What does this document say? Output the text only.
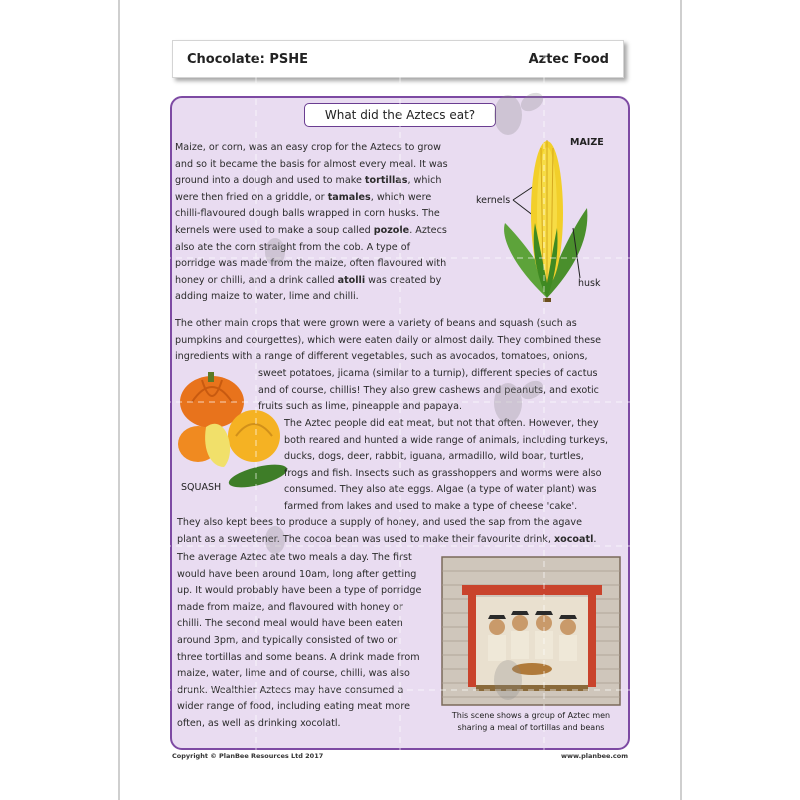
Chocolate: PSHE	Aztec Food
What did the Aztecs eat?
Maize, or corn, was an easy crop for the Aztecs to grow
and so it became the basis for almost every meal. It was
ground into a dough and used to make tortillas, which
were then fried on a griddle, or tamales, which were
chilli-flavoured dough balls wrapped in corn husks. The
kernels were used to make a soup called pozole. Aztecs
also ate the corn straight from the cob. A type of
porridge was made from the maize, often flavoured with
honey or chilli, and a drink called atolli was created by
adding maize to water, lime and chilli.
MAIZE
kernels
husk
The other main crops that were grown were a variety of beans and squash (such as
pumpkins and courgettes), which were eaten daily or almost daily. They combined these
ingredients with a range of different vegetables, such as avocados, tomatoes, onions,
sweet potatoes, jicama (similar to a turnip), different species of cactus
and of course, chillis! They also grew cashews and peanuts, and exotic
fruits such as lime, pineapple and papaya.
SQUASH
The Aztec people did eat meat, but not that often. However, they
both reared and hunted a wide range of animals, including turkeys,
ducks, dogs, deer, rabbit, iguana, armadillo, wild boar, turtles,
frogs and fish. Insects such as grasshoppers and worms were also
consumed. They also ate eggs. Algae (a type of water plant) was
farmed from lakes and used to make a type of cheese 'cake'.
They also kept bees to produce a supply of honey, and used the sap from the agave
plant as a sweetener. The cocoa bean was used to make their favourite drink, xocoatl.
The average Aztec ate two meals a day. The first
would have been around 10am, long after getting
up. It would probably have been a type of porridge
made from maize, and flavoured with honey or
chilli. The second meal would have been eaten
around 3pm, and typically consisted of two or
three tortillas and some beans. A drink made from
maize, water, lime and of course, chilli, was also
drunk. Wealthier Aztecs may have consumed a
wider range of food, including eating meat more
often, as well as drinking xocolatl.
This scene shows a group of Aztec men
sharing a meal of tortillas and beans
Copyright © PlanBee Resources Ltd 2017	www.planbee.com
